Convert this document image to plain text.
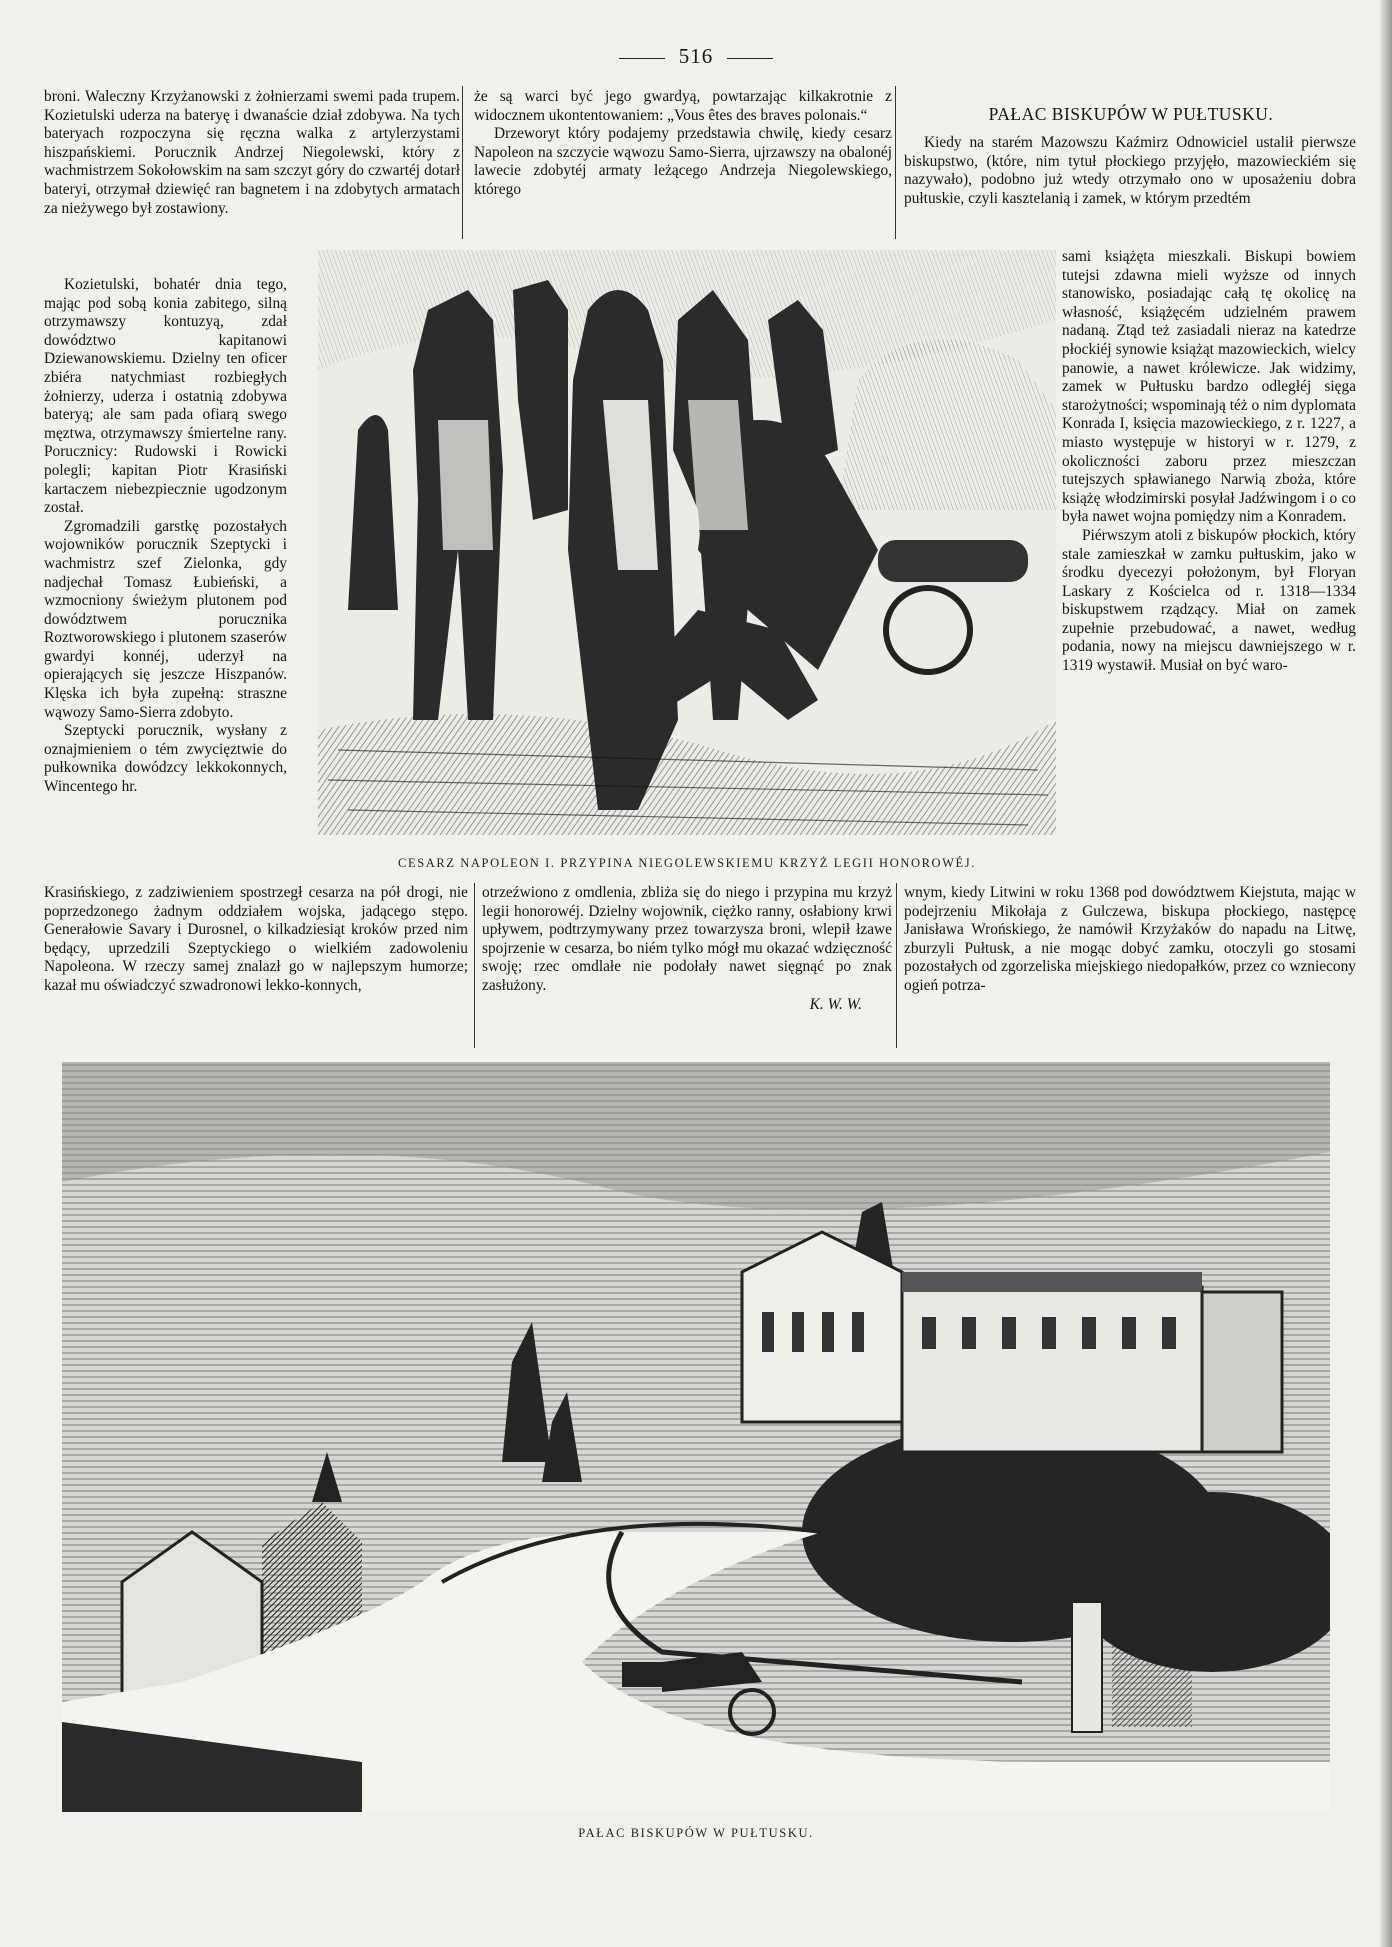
516

broni. Waleczny Krzyżanowski z żołnierzami swemi pada trupem. Kozietulski uderza na bateryę i dwanaście dział zdobywa. Na tych bateryach rozpoczyna się ręczna walka z artylerzystami hiszpańskiemi. Porucznik Andrzej Niegolewski, który z wachmistrzem Sokołowskim na sam szczyt góry do czwartéj dotarł bateryi, otrzymał dziewięć ran bagnetem i na zdobytych armatach za nieżywego był zostawiony.

Kozietulski, bohatér dnia tego, mając pod sobą konia zabitego, silną otrzymawszy kontuzyą, zdał dowództwo kapitanowi Dziewanowskiemu. Dzielny ten oficer zbiéra natychmiast rozbiegłych żołnierzy, uderza i ostatnią zdobywa bateryą; ale sam pada ofiarą swego męztwa, otrzymawszy śmiertelne rany. Porucznicy: Rudowski i Rowicki polegli; kapitan Piotr Krasiński kartaczem niebezpiecznie ugodzonym został.

Zgromadzili garstkę pozostałych wojowników porucznik Szeptycki i wachmistrz szef Zielonka, gdy nadjechał Tomasz Łubieński, a wzmocniony świeżym plutonem pod dowództwem porucznika Roztworowskiego i plutonem szaserów gwardyi konnéj, uderzył na opierających się jeszcze Hiszpanów. Klęska ich była zupełną: straszne wąwozy Samo-Sierra zdobyto.

Szeptycki porucznik, wysłany z oznajmieniem o tém zwycięztwie do pułkownika dowódzcy lekkokonnych, Wincentego hr.

Krasińskiego, z zadziwieniem spostrzegł cesarza na pół drogi, nie poprzedzonego żadnym oddziałem wojska, jadącego stępo. Generałowie Savary i Durosnel, o kilkadziesiąt kroków przed nim będący, uprzedzili Szeptyckiego o wielkiém zadowoleniu Napoleona. W rzeczy samej znalazł go w najlepszym humorze; kazał mu oświadczyć szwadronowi lekko-konnych,

że są warci być jego gwardyą, powtarzając kilkakrotnie z widocznem ukontentowaniem: „Vous êtes des braves polonais.“

Drzeworyt który podajemy przedstawia chwilę, kiedy cesarz Napoleon na szczycie wąwozu Samo-Sierra, ujrzawszy na obalonéj lawecie zdobytéj armaty leżącego Andrzeja Niegolewskiego, którego

otrzeźwiono z omdlenia, zbliża się do niego i przypina mu krzyż legii honorowéj. Dzielny wojownik, ciężko ranny, osłabiony krwi upływem, podtrzymywany przez towarzysza broni, wlepił łzawe spojrzenie w cesarza, bo niém tylko mógł mu okazać wdzięczność swoję; rzec omdlałe nie podołały nawet sięgnąć po znak zasłużony.

K. W. W.

PAŁAC BISKUPÓW W PUŁTUSKU.

Kiedy na starém Mazowszu Kaźmirz Odnowiciel ustalił pierwsze biskupstwo, (które, nim tytuł płockiego przyjęło, mazowieckiém się nazywało), podobno już wtedy otrzymało ono w uposażeniu dobra pułtuskie, czyli kasztelanią i zamek, w którym przedtém

sami książęta mieszkali. Biskupi bowiem tutejsi zdawna mieli wyższe od innych stanowisko, posiadając całą tę okolicę na własność, książęcém udzielném prawem nadaną. Ztąd też zasiadali nieraz na katedrze płockiéj synowie książąt mazowieckich, wielcy panowie, a nawet królewicze. Jak widzimy, zamek w Pułtusku bardzo odległéj sięga starożytności; wspominają téż o nim dyplomata Konrada I, księcia mazowieckiego, z r. 1227, a miasto występuje w historyi w r. 1279, z okoliczności zaboru przez mieszczan tutejszych spławianego Narwią zboża, które książę włodzimirski posyłał Jadźwingom i o co była nawet wojna pomiędzy nim a Konradem.

Piérwszym atoli z biskupów płockich, który stale zamieszkał w zamku pułtuskim, jako w środku dyecezyi położonym, był Floryan Laskary z Kościelca od r. 1318—1334 biskupstwem rządzący. Miał on zamek zupełnie przebudować, a nawet, według podania, nowy na miejscu dawniejszego w r. 1319 wystawił. Musiał on być waro-

wnym, kiedy Litwini w roku 1368 pod dowództwem Kiejstuta, mając w podejrzeniu Mikołaja z Gulczewa, biskupa płockiego, następcę Janisława Wrońskiego, że namówił Krzyżaków do napadu na Litwę, zburzyli Pułtusk, a nie mogąc dobyć zamku, otoczyli go stosami pozostałych od zgorzeliska miejskiego niedopałków, przez co wzniecony ogień potrza-

CESARZ NAPOLEON I. PRZYPINA NIEGOLEWSKIEMU KRZYŻ LEGII HONOROWÉJ.
PAŁAC BISKUPÓW W PUŁTUSKU.
